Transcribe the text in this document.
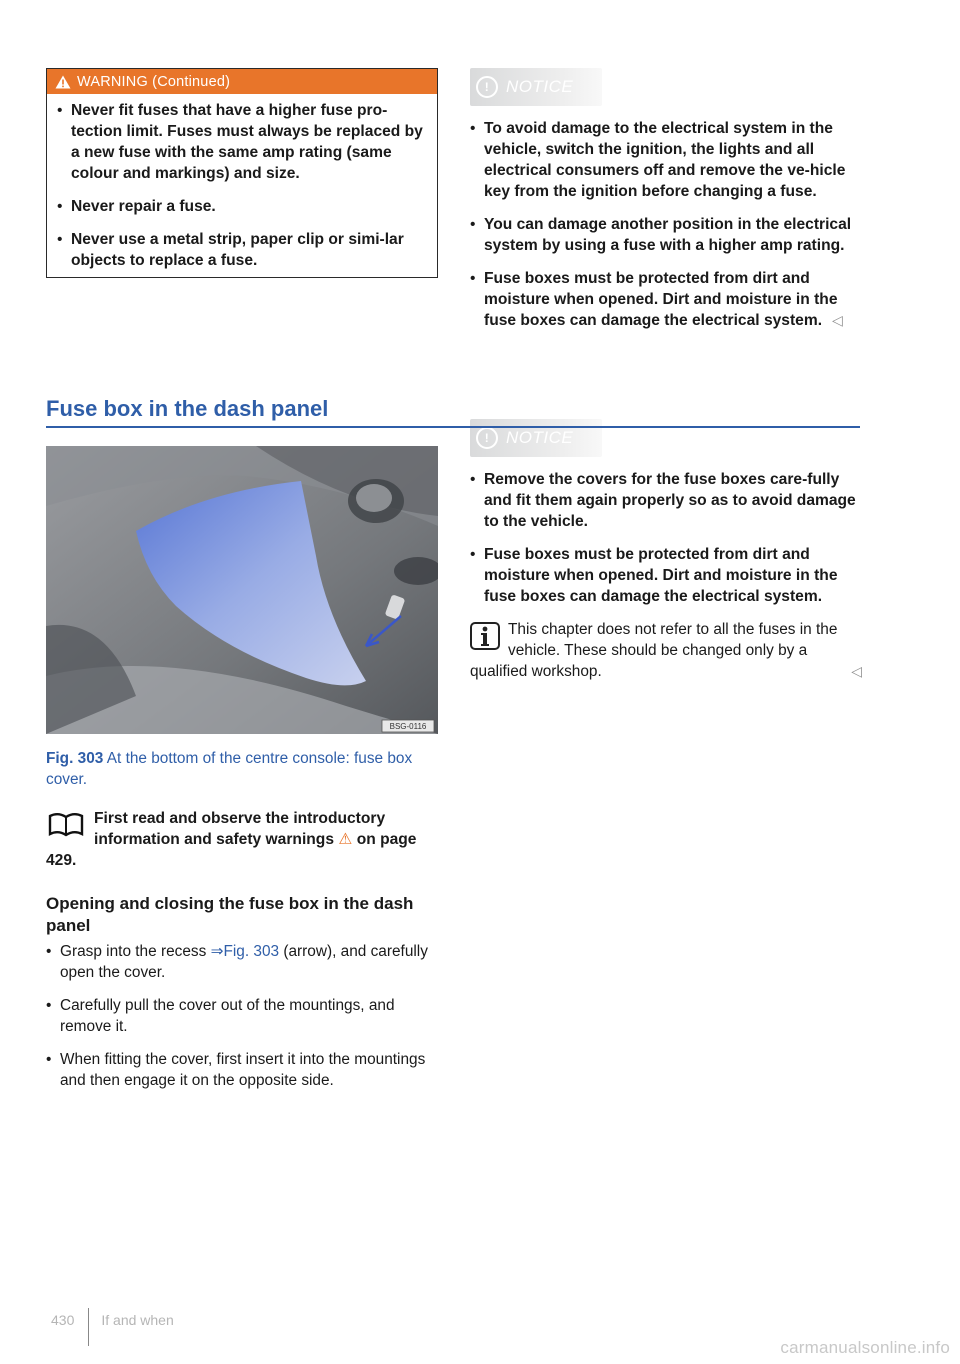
WARNING (Continued)

• Never fit fuses that have a higher fuse pro-tection limit. Fuses must always be replaced by a new fuse with the same amp rating (same colour and markings) and size.

• Never repair a fuse.

• Never use a metal strip, paper clip or simi-lar objects to replace a fuse.

! NOTICE

• To avoid damage to the electrical system in the vehicle, switch the ignition, the lights and all electrical consumers off and remove the ve-hicle key from the ignition before changing a fuse.

• You can damage another position in the electrical system by using a fuse with a higher amp rating.

• Fuse boxes must be protected from dirt and moisture when opened. Dirt and moisture in the fuse boxes can damage the electrical system. ◁

! NOTICE

• Remove the covers for the fuse boxes care-fully and fit them again properly so as to avoid damage to the vehicle.

• Fuse boxes must be protected from dirt and moisture when opened. Dirt and moisture in the fuse boxes can damage the electrical system.

This chapter does not refer to all the fuses in the vehicle. These should be changed only by a qualified workshop.	◁
Fuse box in the dash panel
BSG-0116
Fig. 303 At the bottom of the centre console: fuse box cover.
First read and observe the introductory information and safety warnings ⚠ on page 429.
Opening and closing the fuse box in the dash panel

• Grasp into the recess ⇒Fig. 303 (arrow), and carefully open the cover.

• Carefully pull the cover out of the mountings, and remove it.

• When fitting the cover, first insert it into the mountings and then engage it on the opposite side.

430 If and when
carmanualsonline.info
